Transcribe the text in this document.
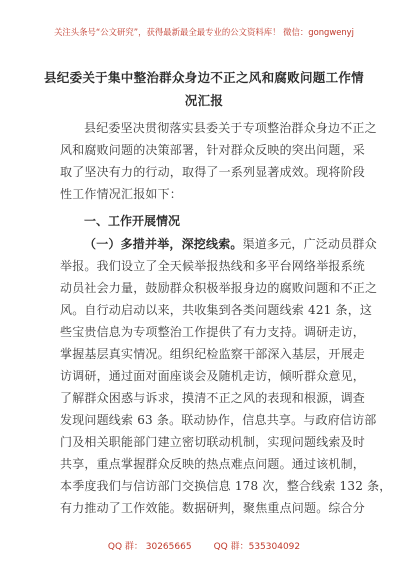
关注头条号“公文研究”，获得最新最全最专业的公文资料库！ 微信：gongwenyj
县纪委关于集中整治群众身边不正之风和腐败问题工作情
况汇报
县纪委坚决贯彻落实县委关于专项整治群众身边不正之
风和腐败问题的决策部署，针对群众反映的突出问题，采
取了坚决有力的行动，取得了一系列显著成效。现将阶段
性工作情况汇报如下：
一、工作开展情况
（一）多措并举，深挖线索。渠道多元，广泛动员群众
举报。我们设立了全天候举报热线和多平台网络举报系统
动员社会力量，鼓励群众积极举报身边的腐败问题和不正之
风。自行动启动以来，共收集到各类问题线索 421 条，这
些宝贵信息为专项整治工作提供了有力支持。调研走访，
掌握基层真实情况。组织纪检监察干部深入基层，开展走
访调研，通过面对面座谈会及随机走访，倾听群众意见，
了解群众困惑与诉求，摸清不正之风的表现和根源，调查
发现问题线索 63 条。联动协作，信息共享。与政府信访部
门及相关职能部门建立密切联动机制，实现问题线索及时
共享，重点掌握群众反映的热点难点问题。通过该机制，
本季度我们与信访部门交换信息 178 次，整合线索 132 条，
有力推动了工作效能。数据研判，聚焦重点问题。综合分
QQ 群： 30265665 QQ 群：535304092
